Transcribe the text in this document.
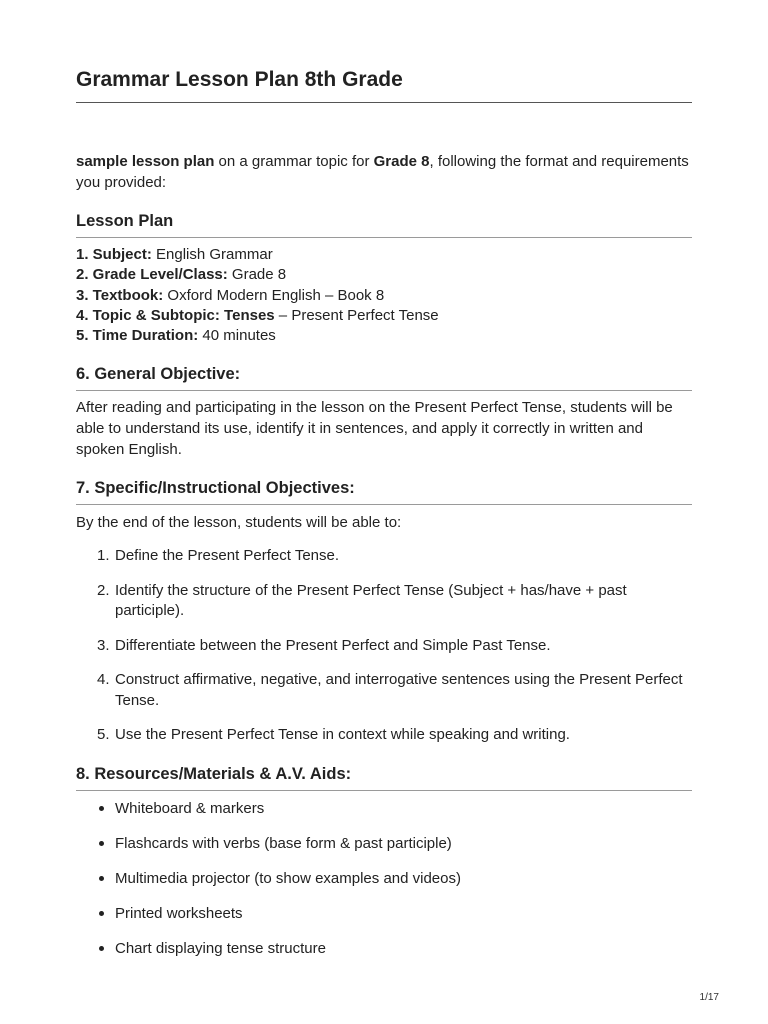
Grammar Lesson Plan 8th Grade
sample lesson plan on a grammar topic for Grade 8, following the format and requirements you provided:
Lesson Plan
1. Subject: English Grammar
2. Grade Level/Class: Grade 8
3. Textbook: Oxford Modern English – Book 8
4. Topic & Subtopic: Tenses – Present Perfect Tense
5. Time Duration: 40 minutes
6. General Objective:
After reading and participating in the lesson on the Present Perfect Tense, students will be able to understand its use, identify it in sentences, and apply it correctly in written and spoken English.
7. Specific/Instructional Objectives:
By the end of the lesson, students will be able to:
1. Define the Present Perfect Tense.
2. Identify the structure of the Present Perfect Tense (Subject + has/have + past participle).
3. Differentiate between the Present Perfect and Simple Past Tense.
4. Construct affirmative, negative, and interrogative sentences using the Present Perfect Tense.
5. Use the Present Perfect Tense in context while speaking and writing.
8. Resources/Materials & A.V. Aids:
Whiteboard & markers
Flashcards with verbs (base form & past participle)
Multimedia projector (to show examples and videos)
Printed worksheets
Chart displaying tense structure
1/17
